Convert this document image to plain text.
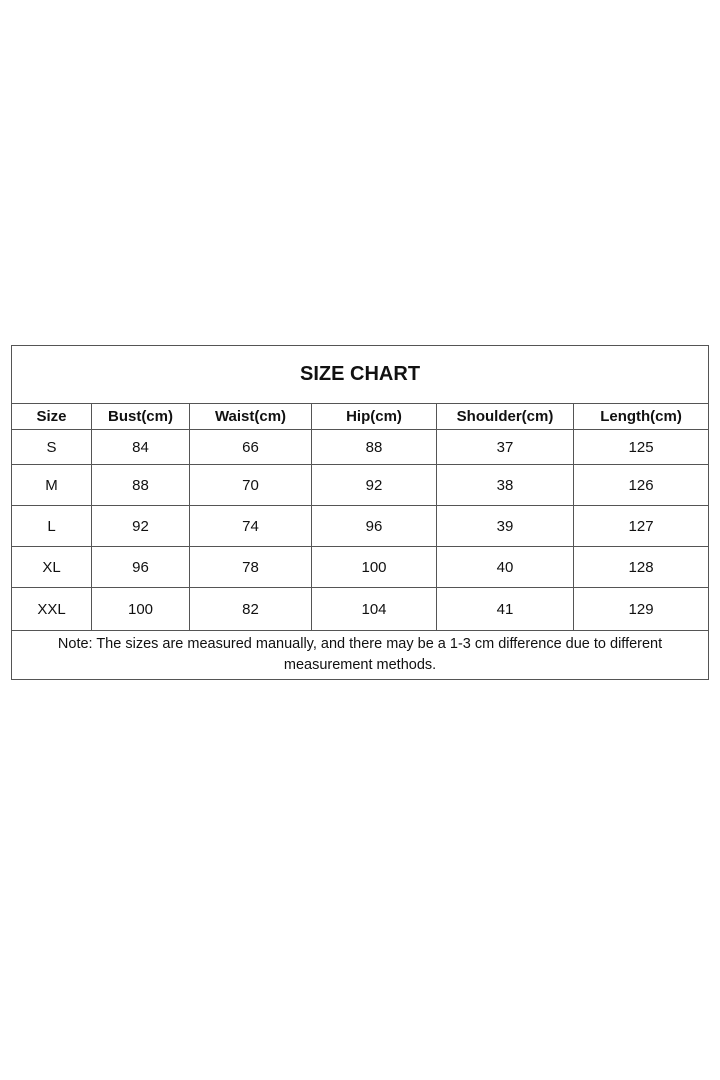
SIZE CHART					
Size	Bust(cm)	Waist(cm)	Hip(cm)	Shoulder(cm)	Length(cm)
S	84	66	88	37	125
M	88	70	92	38	126
L	92	74	96	39	127
XL	96	78	100	40	128
XXL	100	82	104	41	129
Note: The sizes are measured manually, and there may be a 1-3 cm difference due to different measurement methods.					
